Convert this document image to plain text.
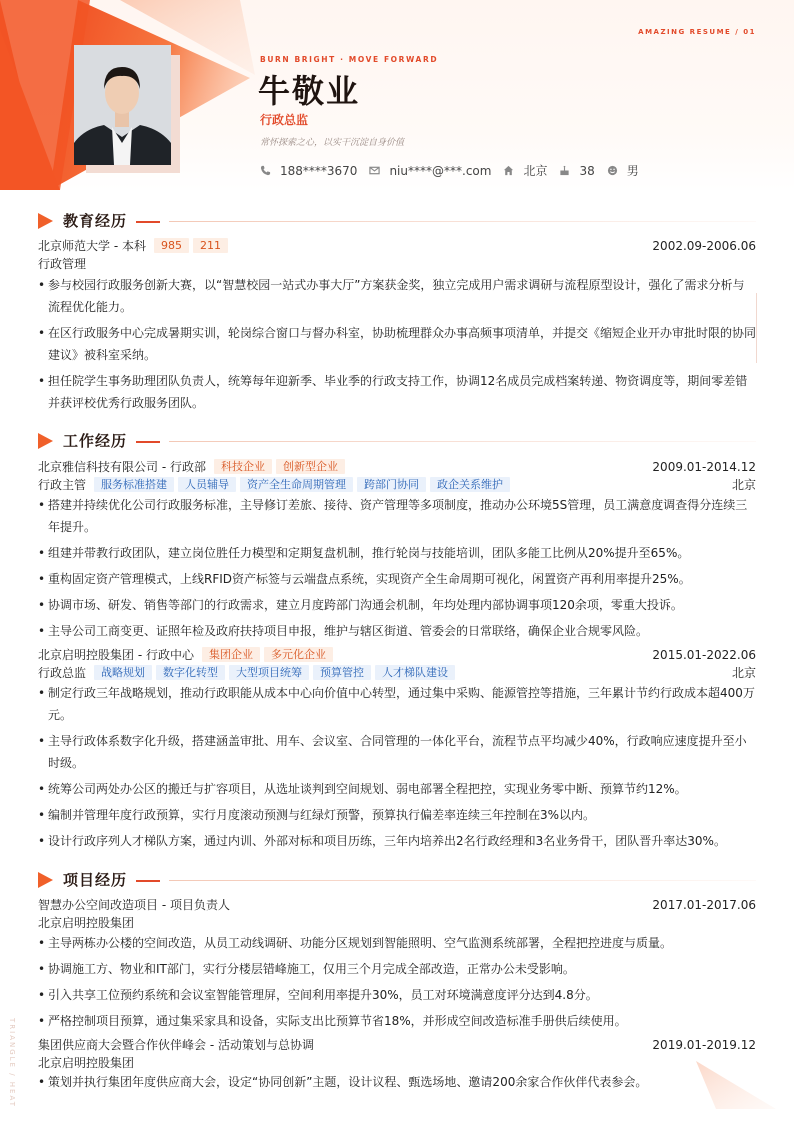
AMAZING RESUME / 01
BURN BRIGHT · MOVE FORWARD
牛敬业
行政总监
常怀探索之心，以实干沉淀自身价值
188****3670	niu****@***.com	北京	38	男
教育经历
北京师范大学 - 本科 985 211	2002.09-2006.06
行政管理
• 参与校园行政服务创新大赛，以“智慧校园一站式办事大厅”方案获金奖，独立完成用户需求调研与流程原型设计，强化了需求分析与流程优化能力。
• 在区行政服务中心完成暑期实训，轮岗综合窗口与督办科室，协助梳理群众办事高频事项清单，并提交《缩短企业开办审批时限的协同建议》被科室采纳。
• 担任院学生事务助理团队负责人，统筹每年迎新季、毕业季的行政支持工作，协调12名成员完成档案转递、物资调度等，期间零差错并获评校优秀行政服务团队。
工作经历
北京雅信科技有限公司 - 行政部 科技企业 创新型企业	2009.01-2014.12
行政主管 服务标准搭建 人员辅导 资产全生命周期管理 跨部门协同 政企关系维护	北京
• 搭建并持续优化公司行政服务标准，主导修订差旅、接待、资产管理等多项制度，推动办公环境5S管理，员工满意度调查得分连续三年提升。
• 组建并带教行政团队，建立岗位胜任力模型和定期复盘机制，推行轮岗与技能培训，团队多能工比例从20%提升至65%。
• 重构固定资产管理模式，上线RFID资产标签与云端盘点系统，实现资产全生命周期可视化，闲置资产再利用率提升25%。
• 协调市场、研发、销售等部门的行政需求，建立月度跨部门沟通会机制，年均处理内部协调事项120余项，零重大投诉。
• 主导公司工商变更、证照年检及政府扶持项目申报，维护与辖区街道、管委会的日常联络，确保企业合规零风险。
北京启明控股集团 - 行政中心 集团企业 多元化企业	2015.01-2022.06
行政总监 战略规划 数字化转型 大型项目统筹 预算管控 人才梯队建设	北京
• 制定行政三年战略规划，推动行政职能从成本中心向价值中心转型，通过集中采购、能源管控等措施，三年累计节约行政成本超400万元。
• 主导行政体系数字化升级，搭建涵盖审批、用车、会议室、合同管理的一体化平台，流程节点平均减少40%，行政响应速度提升至小时级。
• 统筹公司两处办公区的搬迁与扩容项目，从选址谈判到空间规划、弱电部署全程把控，实现业务零中断、预算节约12%。
• 编制并管理年度行政预算，实行月度滚动预测与红绿灯预警，预算执行偏差率连续三年控制在3%以内。
• 设计行政序列人才梯队方案，通过内训、外部对标和项目历练，三年内培养出2名行政经理和3名业务骨干，团队晋升率达30%。
项目经历
智慧办公空间改造项目 - 项目负责人	2017.01-2017.06
北京启明控股集团
• 主导两栋办公楼的空间改造，从员工动线调研、功能分区规划到智能照明、空气监测系统部署，全程把控进度与质量。
• 协调施工方、物业和IT部门，实行分楼层错峰施工，仅用三个月完成全部改造，正常办公未受影响。
• 引入共享工位预约系统和会议室智能管理屏，空间利用率提升30%，员工对环境满意度评分达到4.8分。
• 严格控制项目预算，通过集采家具和设备，实际支出比预算节省18%，并形成空间改造标准手册供后续使用。
集团供应商大会暨合作伙伴峰会 - 活动策划与总协调	2019.01-2019.12
北京启明控股集团
• 策划并执行集团年度供应商大会，设定“协同创新”主题，设计议程、甄选场地、邀请200余家合作伙伴代表参会。
TRIANGLE / HEAT
